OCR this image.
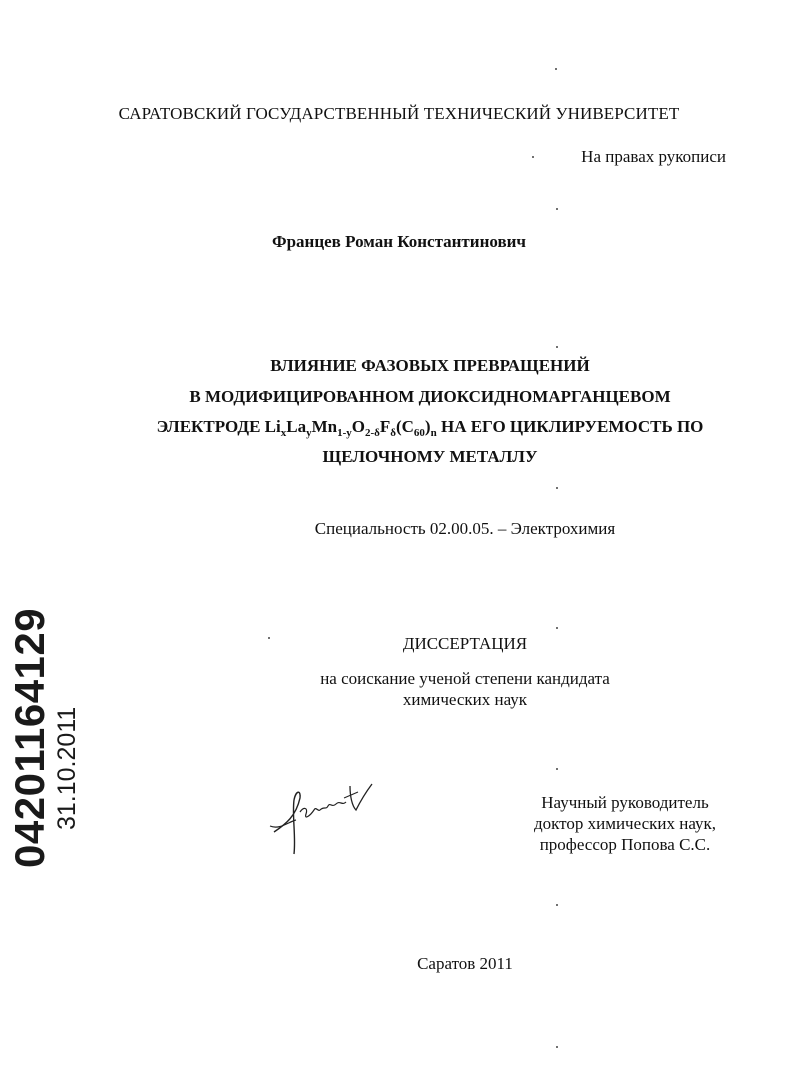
САРАТОВСКИЙ ГОСУДАРСТВЕННЫЙ ТЕХНИЧЕСКИЙ УНИВЕРСИТЕТ
На правах рукописи
Францев Роман Константинович
ВЛИЯНИЕ ФАЗОВЫХ ПРЕВРАЩЕНИЙ
В МОДИФИЦИРОВАННОМ ДИОКСИДНОМАРГАНЦЕВОМ
ЭЛЕКТРОДЕ $Li_xLa_yMn_{1-y}O_{2-\delta}F_\delta(C_{60})_n$ НА ЕГО ЦИКЛИРУЕМОСТЬ ПО
ЩЕЛОЧНОМУ МЕТАЛЛУ
Специальность 02.00.05. – Электрохимия
ДИССЕРТАЦИЯ
на соискание ученой степени кандидата
химических наук
Научный руководитель
доктор химических наук,
профессор Попова С.С.
Саратов 2011
04201164129 31.10.2011
